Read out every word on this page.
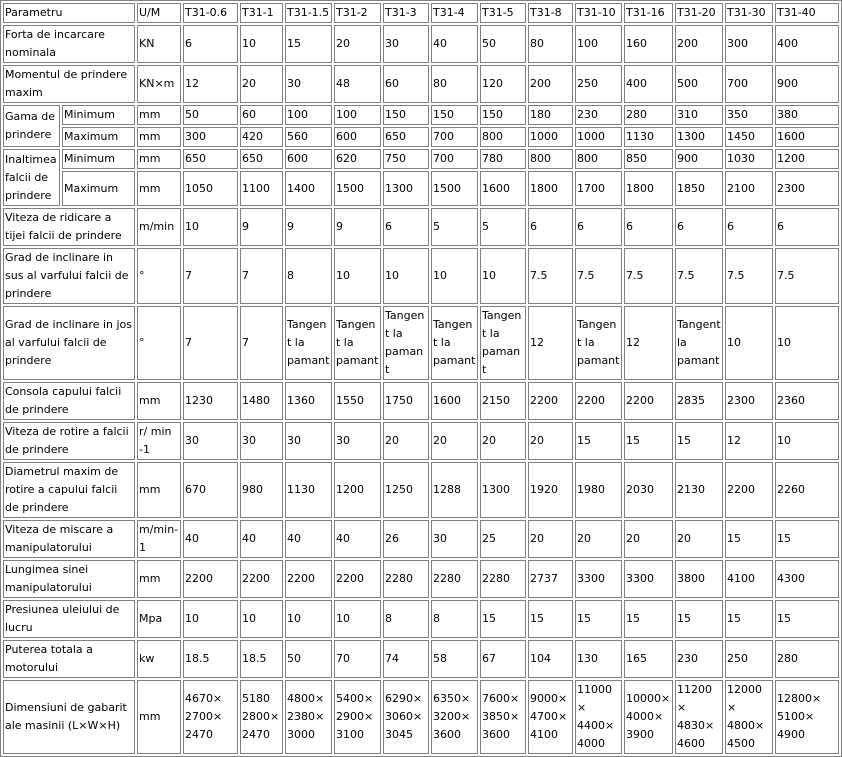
Parametru		U/M	T31-0.6	T31-1	T31-1.5	T31-2	T31-3	T31-4	T31-5	T31-8	T31-10	T31-16	T31-20	T31-30	T31-40
Forta de incarcare nominala		KN	6	10	15	20	30	40	50	80	100	160	200	300	400
Momentul de prindere maxim		KN×m	12	20	30	48	60	80	120	200	250	400	500	700	900
Gama de prindere	Minimum	mm	50	60	100	100	150	150	150	180	230	280	310	350	380
	Maximum	mm	300	420	560	600	650	700	800	1000	1000	1130	1300	1450	1600
Inaltimea falcii de prindere	Minimum	mm	650	650	600	620	750	700	780	800	800	850	900	1030	1200
	Maximum	mm	1050	1100	1400	1500	1300	1500	1600	1800	1700	1800	1850	2100	2300
Viteza de ridicare a tijei falcii de prindere		m/min	10	9	9	9	6	5	5	6	6	6	6	6	6
Grad de inclinare in sus al varfului falcii de prindere		°	7	7	8	10	10	10	10	7.5	7.5	7.5	7.5	7.5	7.5
Grad de inclinare in jos al varfului falcii de prindere		°	7	7	Tangent la pamant	Tangent la pamant	Tangent la pamant	Tangent la pamant	Tangent la pamant	12	Tangent la pamant	12	Tangent la pamant	10	10
Consola capului falcii de prindere		mm	1230	1480	1360	1550	1750	1600	2150	2200	2200	2200	2835	2300	2360
Viteza de rotire a falcii de prindere		r/ min -1	30	30	30	30	20	20	20	20	15	15	15	12	10
Diametrul maxim de rotire a capului falcii de prindere		mm	670	980	1130	1200	1250	1288	1300	1920	1980	2030	2130	2200	2260
Viteza de miscare a manipulatorului		m/min-1	40	40	40	40	26	30	25	20	20	20	20	15	15
Lungimea sinei manipulatorului		mm	2200	2200	2200	2200	2280	2280	2280	2737	3300	3300	3800	4100	4300
Presiunea uleiului de lucru		Mpa	10	10	10	10	8	8	15	15	15	15	15	15	15
Puterea totala a motorului		kw	18.5	18.5	50	70	74	58	67	104	130	165	230	250	280
Dimensiuni de gabarit ale masinii (L×W×H)		mm	4670× 2700× 2470	5180 2800× 2470	4800× 2380× 3000	5400× 2900× 3100	6290× 3060× 3045	6350× 3200× 3600	7600× 3850× 3600	9000× 4700× 4100	11000× 4400× 4000	10000× 4000× 3900	11200× 4830× 4600	12000× 4800× 4500	12800× 5100× 4900
